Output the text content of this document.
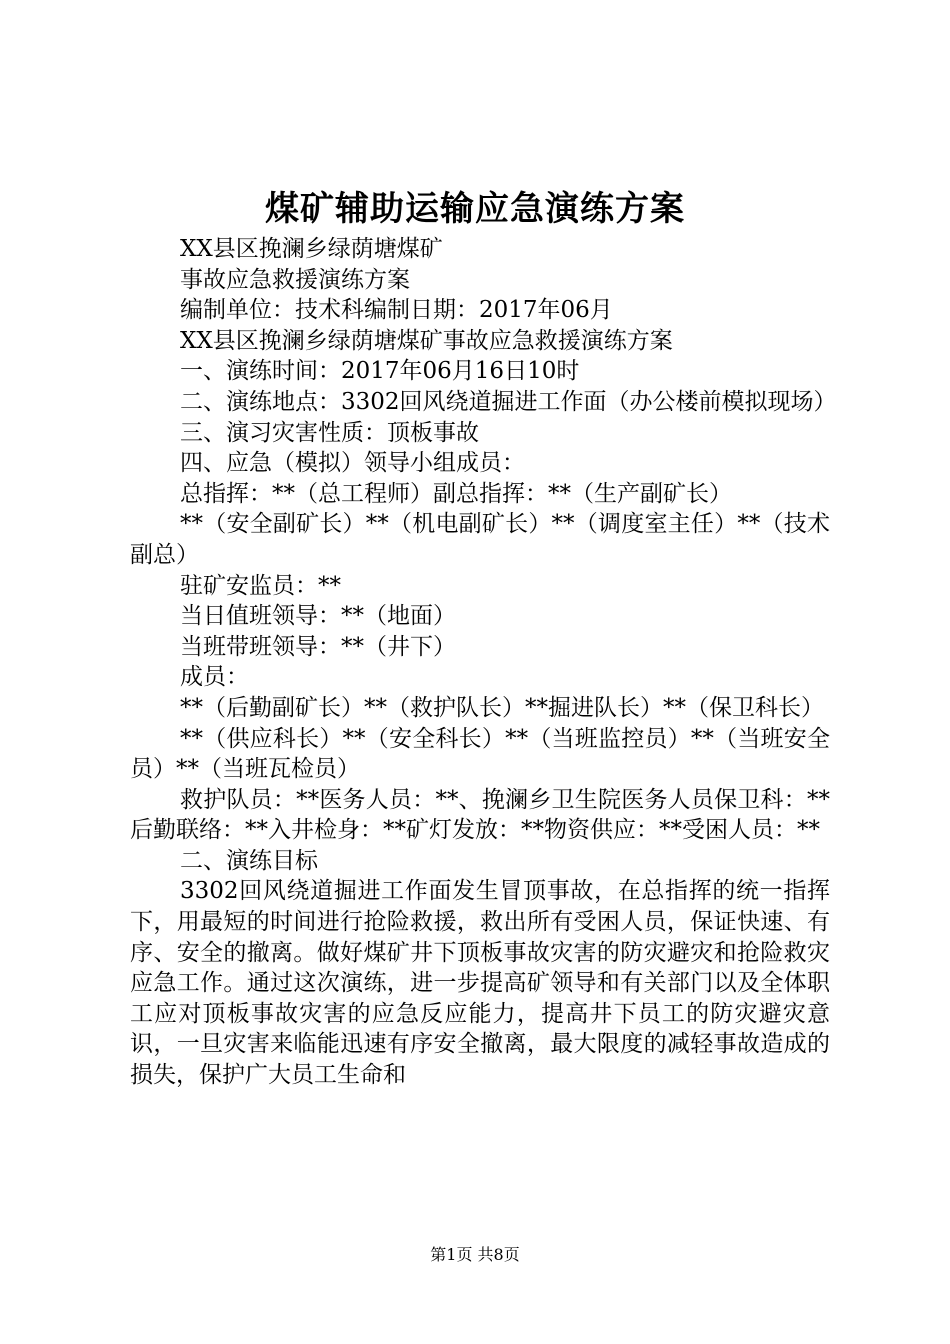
煤矿辅助运输应急演练方案

XX县区挽澜乡绿荫塘煤矿

事故应急救援演练方案

编制单位：技术科编制日期：2017年06月

XX县区挽澜乡绿荫塘煤矿事故应急救援演练方案

一、演练时间：2017年06月16日10时

二、演练地点：3302回风绕道掘进工作面（办公楼前模拟现场）

三、演习灾害性质：顶板事故

四、应急（模拟）领导小组成员：

总指挥：**（总工程师）副总指挥：**（生产副矿长）

**（安全副矿长）**（机电副矿长）**（调度室主任）**（技术副总）

驻矿安监员：**

当日值班领导：**（地面）

当班带班领导：**（井下）

成员：

**（后勤副矿长）**（救护队长）**掘进队长）**（保卫科长）

**（供应科长）**（安全科长）**（当班监控员）**（当班安全员）**（当班瓦检员）

救护队员：**医务人员：**、挽澜乡卫生院医务人员保卫科：**后勤联络：**入井检身：**矿灯发放：**物资供应：**受困人员：**

二、演练目标

3302回风绕道掘进工作面发生冒顶事故，在总指挥的统一指挥下，用最短的时间进行抢险救援，救出所有受困人员，保证快速、有序、安全的撤离。做好煤矿井下顶板事故灾害的防灾避灾和抢险救灾应急工作。通过这次演练，进一步提高矿领导和有关部门以及全体职工应对顶板事故灾害的应急反应能力，提高井下员工的防灾避灾意识，一旦灾害来临能迅速有序安全撤离，最大限度的减轻事故造成的损失，保护广大员工生命和

第1页 共8页
